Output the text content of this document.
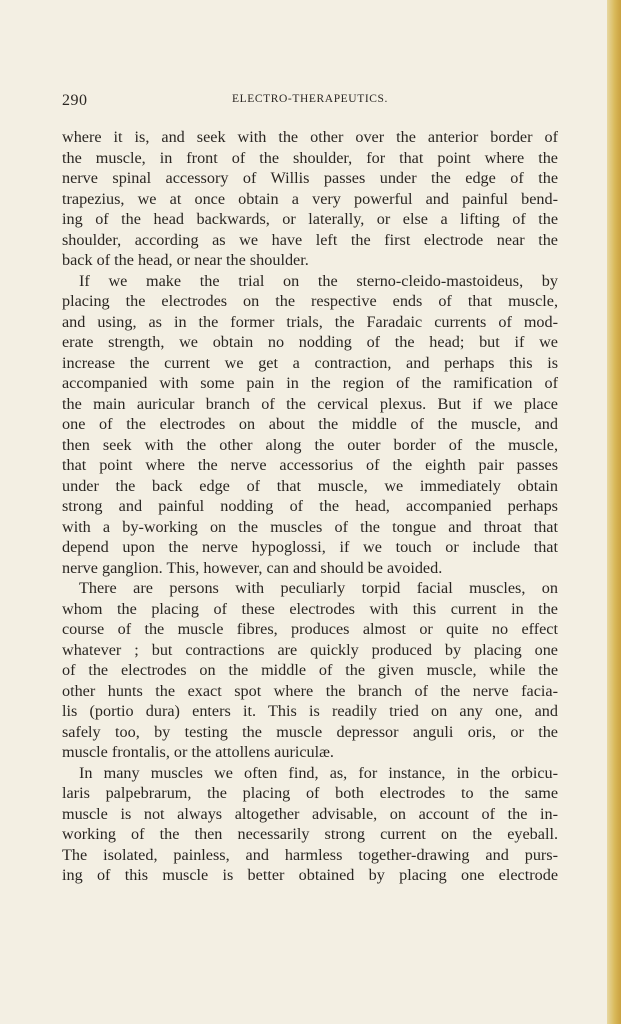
290	ELECTRO-THERAPEUTICS.
where it is, and seek with the other over the anterior border of
the muscle, in front of the shoulder, for that point where the
nerve spinal accessory of Willis passes under the edge of the
trapezius, we at once obtain a very powerful and painful bend-
ing of the head backwards, or laterally, or else a lifting of the
shoulder, according as we have left the first electrode near the
back of the head, or near the shoulder.
If we make the trial on the sterno-cleido-mastoideus, by
placing the electrodes on the respective ends of that muscle,
and using, as in the former trials, the Faradaic currents of mod-
erate strength, we obtain no nodding of the head; but if we
increase the current we get a contraction, and perhaps this is
accompanied with some pain in the region of the ramification of
the main auricular branch of the cervical plexus. But if we place
one of the electrodes on about the middle of the muscle, and
then seek with the other along the outer border of the muscle,
that point where the nerve accessorius of the eighth pair passes
under the back edge of that muscle, we immediately obtain
strong and painful nodding of the head, accompanied perhaps
with a by-working on the muscles of the tongue and throat that
depend upon the nerve hypoglossi, if we touch or include that
nerve ganglion. This, however, can and should be avoided.
There are persons with peculiarly torpid facial muscles, on
whom the placing of these electrodes with this current in the
course of the muscle fibres, produces almost or quite no effect
whatever ; but contractions are quickly produced by placing one
of the electrodes on the middle of the given muscle, while the
other hunts the exact spot where the branch of the nerve facia-
lis (portio dura) enters it. This is readily tried on any one, and
safely too, by testing the muscle depressor anguli oris, or the
muscle frontalis, or the attollens auriculæ.
In many muscles we often find, as, for instance, in the orbicu-
laris palpebrarum, the placing of both electrodes to the same
muscle is not always altogether advisable, on account of the in-
working of the then necessarily strong current on the eyeball.
The isolated, painless, and harmless together-drawing and purs-
ing of this muscle is better obtained by placing one electrode
